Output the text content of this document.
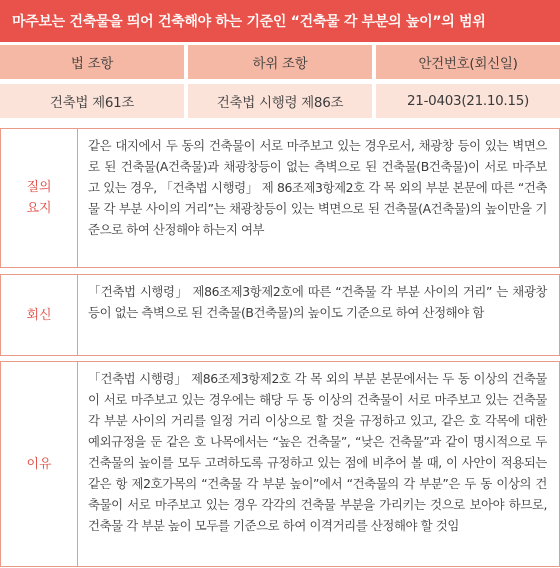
마주보는 건축물을 띄어 건축해야 하는 기준인 “건축물 각 부분의 높이”의 범위
법 조항	하위 조항	안건번호(회신일)
건축법 제61조	건축법 시행령 제86조	21-0403(21.10.15)
질의
요지
같은 대지에서 두 동의 건축물이 서로 마주보고 있는 경우로서, 채광창 등이 있는 벽면으로 된 건축물(A건축물)과 채광창등이 없는 측벽으로 된 건축물(B건축물)이 서로 마주보고 있는 경우, 「건축법 시행령」 제 86조제3항제2호 각 목 외의 부분 본문에 따른 “건축물 각 부분 사이의 거리”는 채광창등이 있는 벽면으로 된 건축물(A건축물)의 높이만을 기준으로 하여 산정해야 하는지 여부
회신
「건축법 시행령」 제86조제3항제2호에 따른 “건축물 각 부분 사이의 거리” 는 채광창등이 없는 측벽으로 된 건축물(B건축물)의 높이도 기준으로 하여 산정해야 함
이유
「건축법 시행령」 제86조제3항제2호 각 목 외의 부분 본문에서는 두 동 이상의 건축물이 서로 마주보고 있는 경우에는 해당 두 동 이상의 건축물이 서로 마주보고 있는 건축물 각 부분 사이의 거리를 일정 거리 이상으로 할 것을 규정하고 있고, 같은 호 각목에 대한 예외규정을 둔 같은 호 나목에서는 “높은 건축물”, “낮은 건축물”과 같이 명시적으로 두 건축물의 높이를 모두 고려하도록 규정하고 있는 점에 비추어 볼 때, 이 사안이 적용되는 같은 항 제2호가목의 “건축물 각 부분 높이”에서 “건축물의 각 부분”은 두 동 이상의 건축물이 서로 마주보고 있는 경우 각각의 건축물 부분을 가리키는 것으로 보아야 하므로, 건축물 각 부분 높이 모두를 기준으로 하여 이격거리를 산정해야 할 것임
